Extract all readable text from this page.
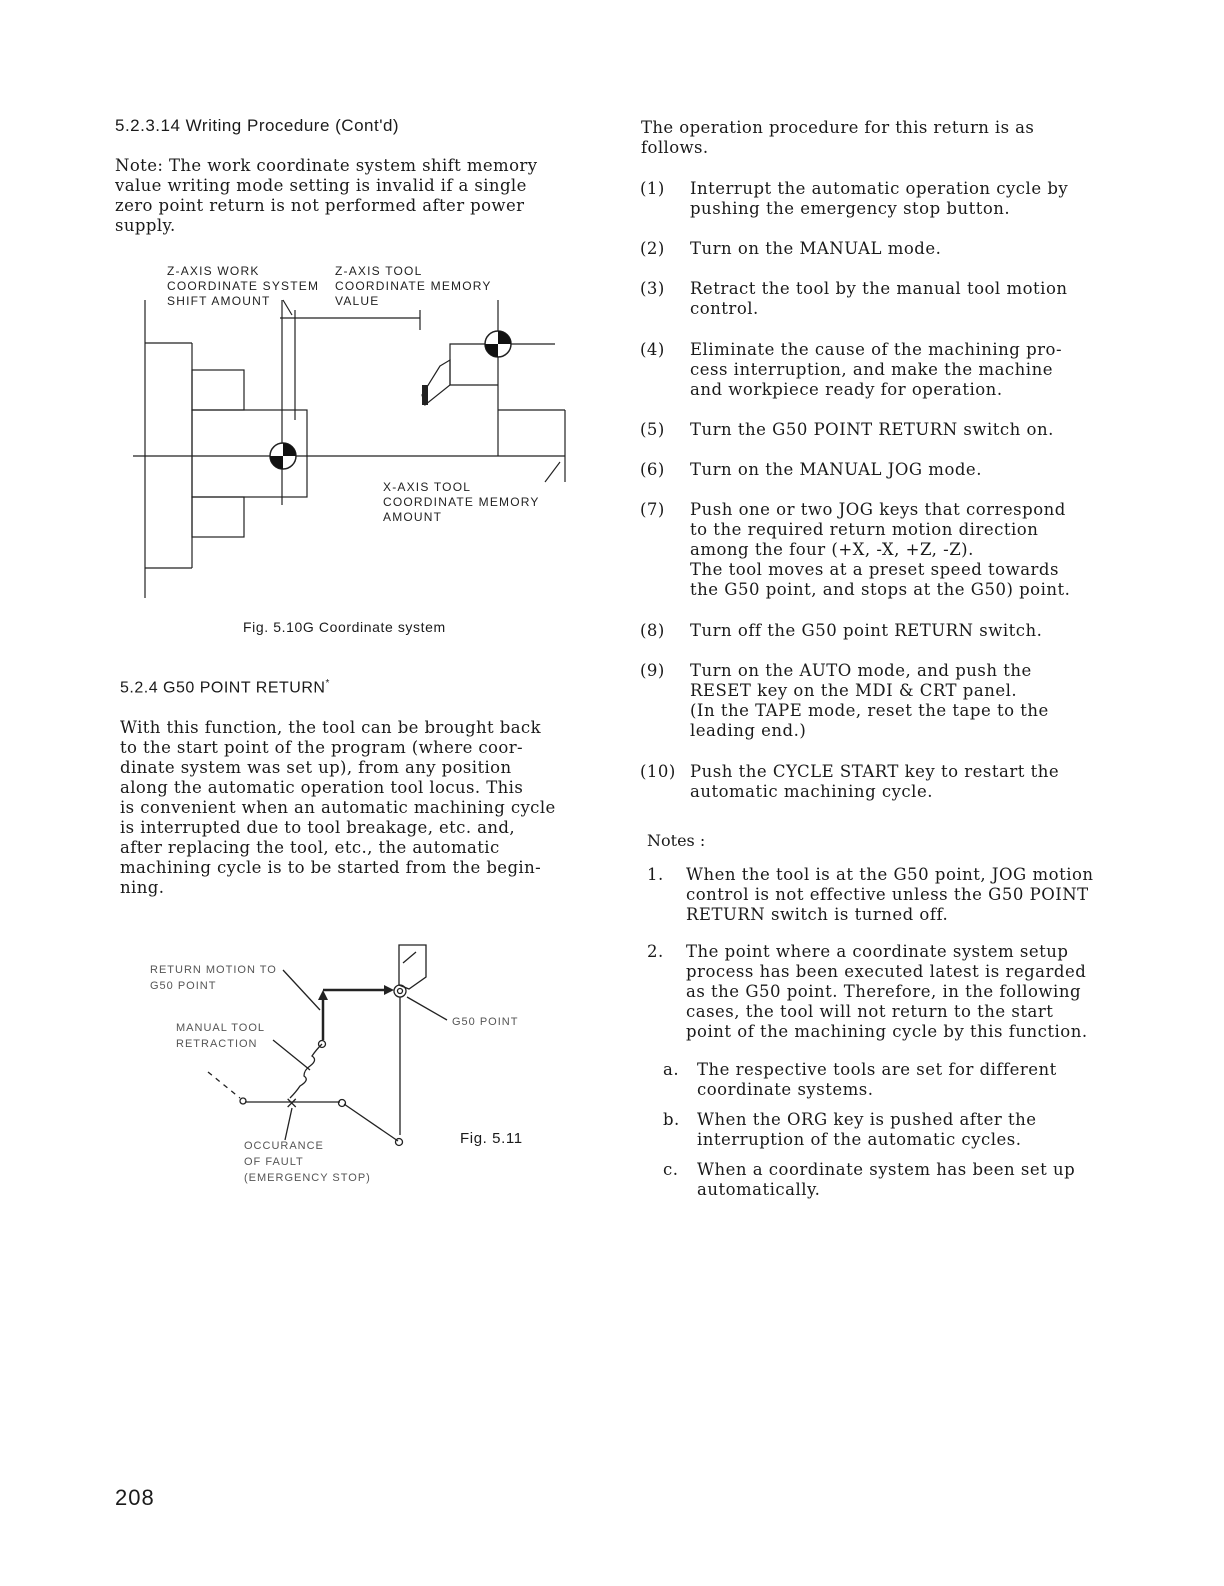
5.2.3.14 Writing Procedure (Cont'd)
Note: The work coordinate system shift memory
value writing mode setting is invalid if a single
zero point return is not performed after power
supply.
Z-AXIS WORK
COORDINATE SYSTEM
SHIFT AMOUNT
Z-AXIS TOOL
COORDINATE MEMORY
VALUE
X-AXIS TOOL
COORDINATE MEMORY
AMOUNT
Fig. 5.10G Coordinate system
5.2.4 G50 POINT RETURN*
With this function, the tool can be brought back
to the start point of the program (where coor-
dinate system was set up), from any position
along the automatic operation tool locus. This
is convenient when an automatic machining cycle
is interrupted due to tool breakage, etc. and,
after replacing the tool, etc., the automatic
machining cycle is to be started from the begin-
ning.
×
RETURN MOTION TO
G50 POINT
MANUAL TOOL
RETRACTION
G50 POINT
OCCURANCE
OF FAULT
(EMERGENCY STOP)
Fig. 5.11
208
The operation procedure for this return is as
follows.
(1) Interrupt the automatic operation cycle by
pushing the emergency stop button.
(2) Turn on the MANUAL mode.
(3) Retract the tool by the manual tool motion
control.
(4) Eliminate the cause of the machining pro-
cess interruption, and make the machine
and workpiece ready for operation.
(5) Turn the G50 POINT RETURN switch on.
(6) Turn on the MANUAL JOG mode.
(7) Push one or two JOG keys that correspond
to the required return motion direction
among the four (+X, -X, +Z, -Z).
The tool moves at a preset speed towards
the G50 point, and stops at the G50) point.
(8) Turn off the G50 point RETURN switch.
(9) Turn on the AUTO mode, and push the
RESET key on the MDI & CRT panel.
(In the TAPE mode, reset the tape to the
leading end.)
(10) Push the CYCLE START key to restart the
automatic machining cycle.
Notes :
1. When the tool is at the G50 point, JOG motion
control is not effective unless the G50 POINT
RETURN switch is turned off.
2. The point where a coordinate system setup
process has been executed latest is regarded
as the G50 point. Therefore, in the following
cases, the tool will not return to the start
point of the machining cycle by this function.
a. The respective tools are set for different
coordinate systems.
b. When the ORG key is pushed after the
interruption of the automatic cycles.
c. When a coordinate system has been set up
automatically.
